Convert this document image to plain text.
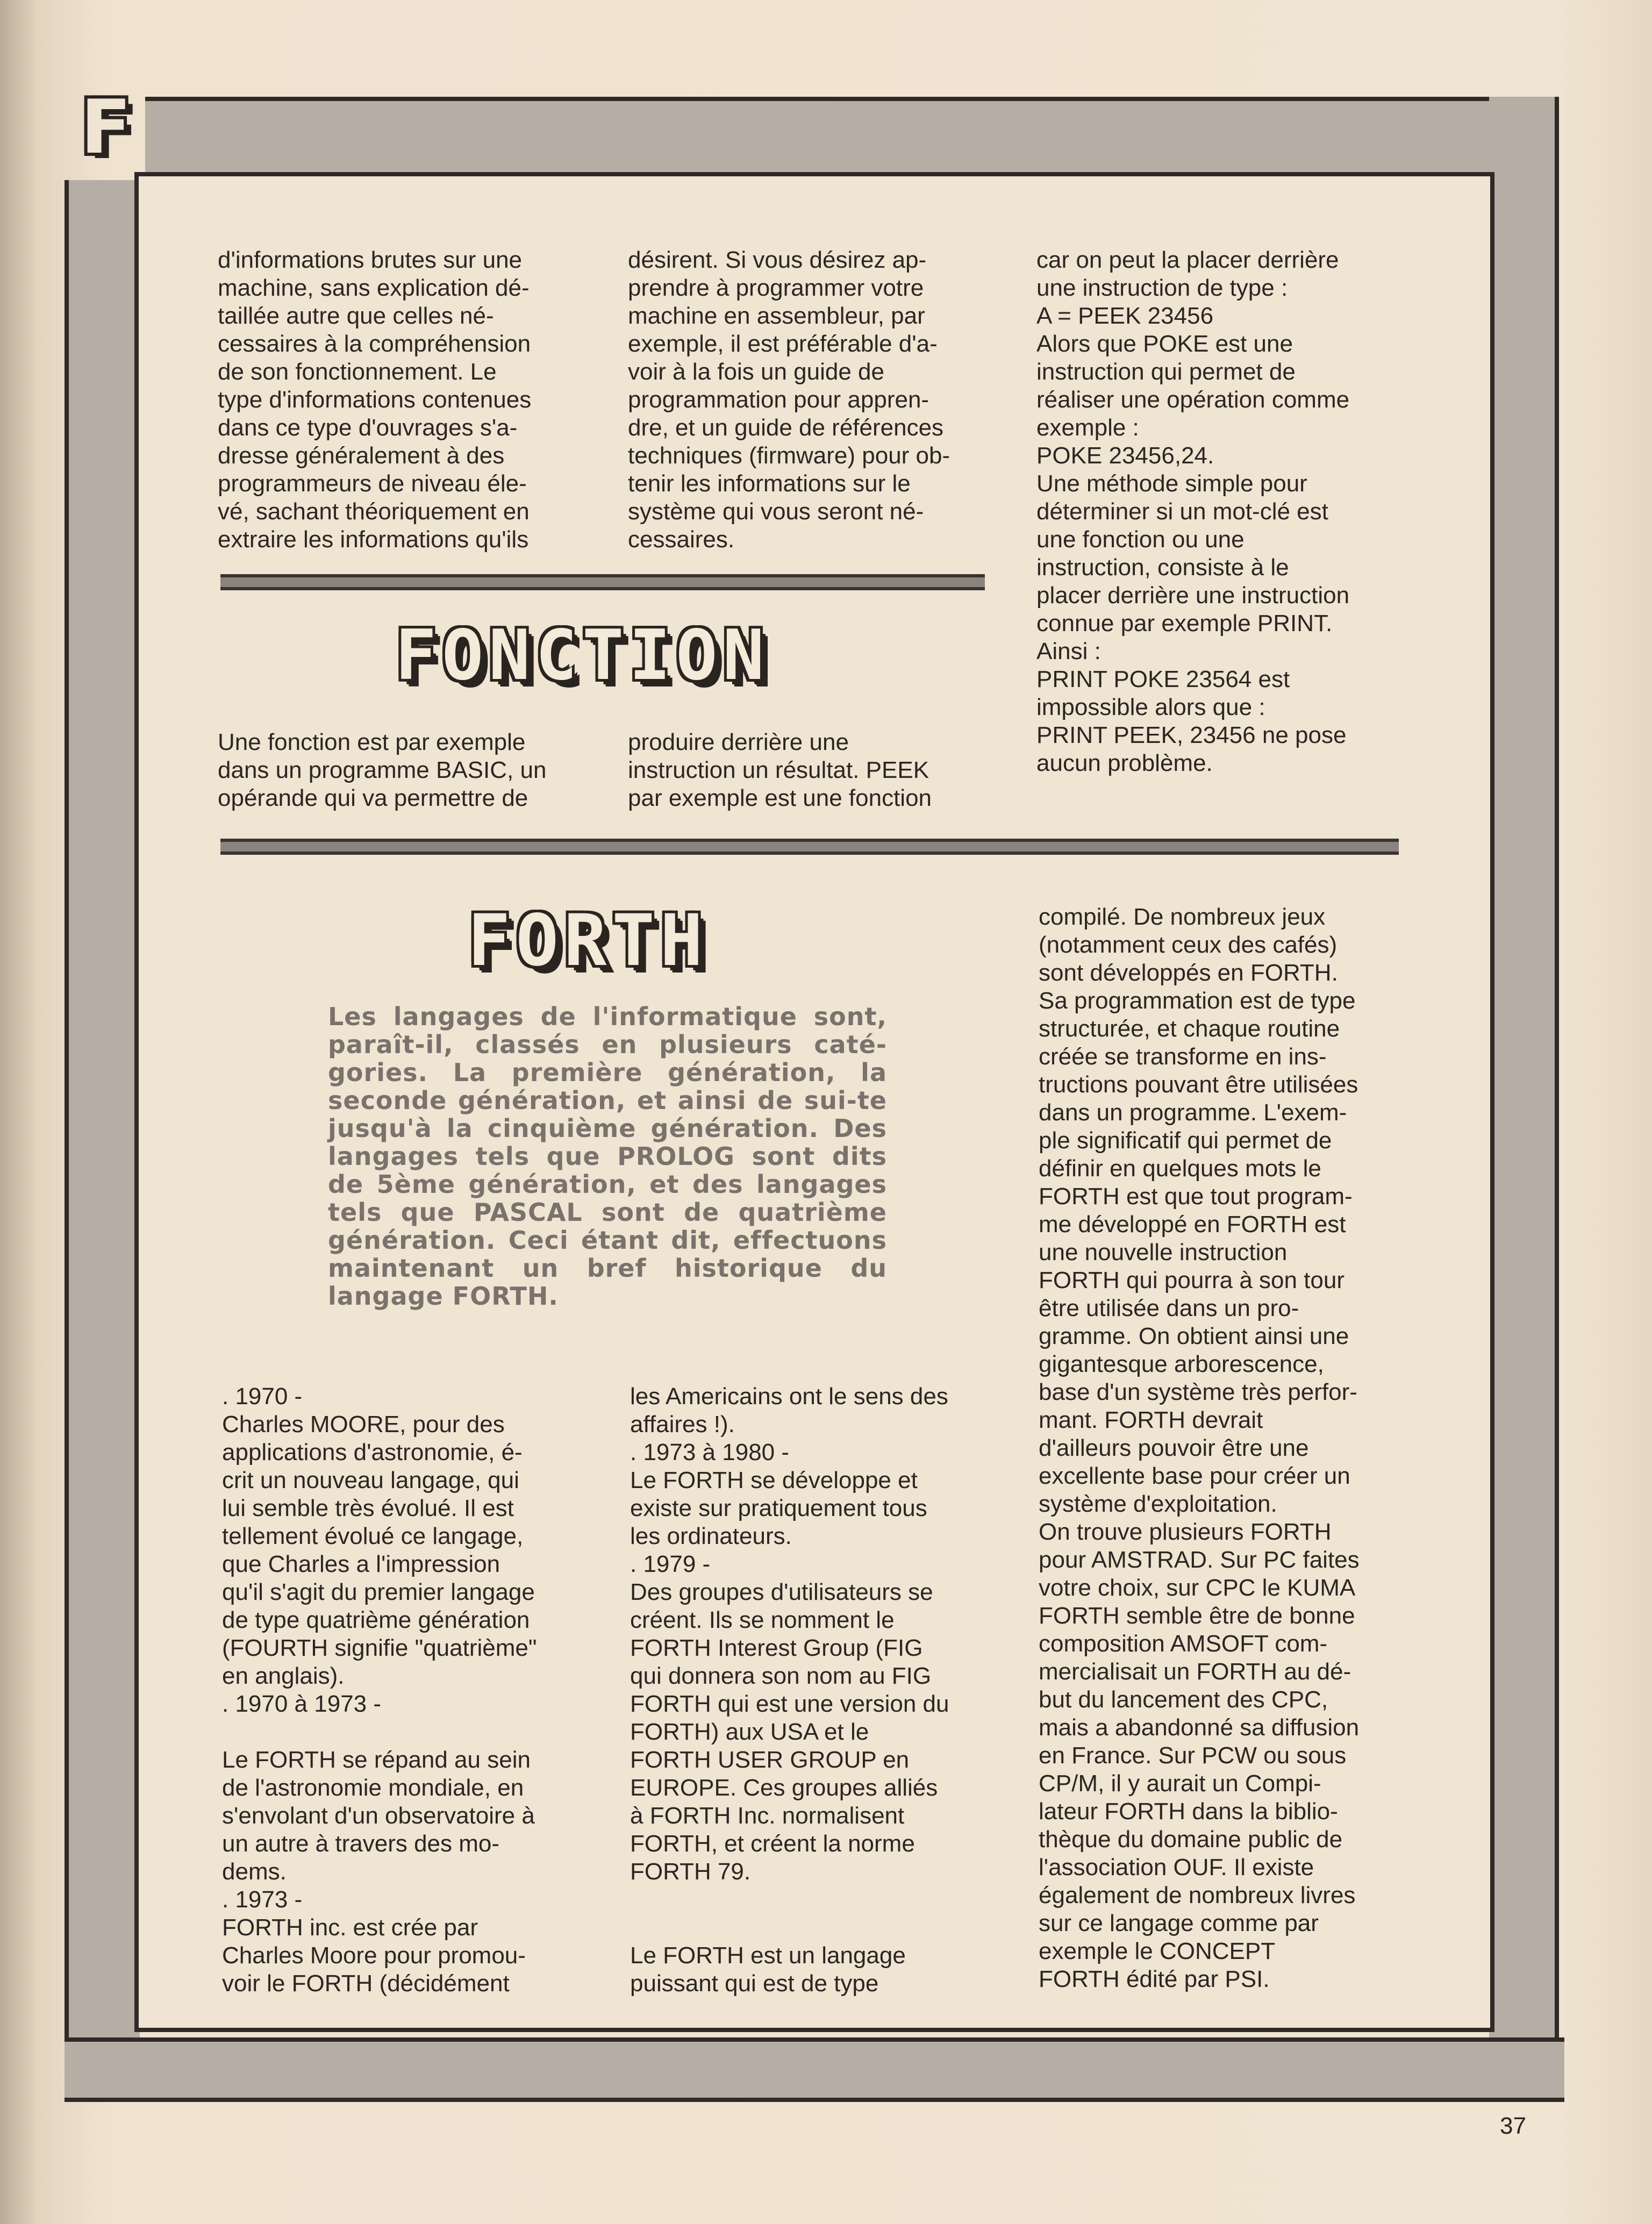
F
d'informations brutes sur une
machine, sans explication dé-
taillée autre que celles né-
cessaires à la compréhension
de son fonctionnement. Le
type d'informations contenues
dans ce type d'ouvrages s'a-
dresse généralement à des
programmeurs de niveau éle-
vé, sachant théoriquement en
extraire les informations qu'ils
désirent. Si vous désirez ap-
prendre à programmer votre
machine en assembleur, par
exemple, il est préférable d'a-
voir à la fois un guide de
programmation pour appren-
dre, et un guide de références
techniques (firmware) pour ob-
tenir les informations sur le
système qui vous seront né-
cessaires.
car on peut la placer derrière
une instruction de type :
A = PEEK 23456
Alors que POKE est une
instruction qui permet de
réaliser une opération comme
exemple :
POKE 23456,24.
Une méthode simple pour
déterminer si un mot-clé est
une fonction ou une
instruction, consiste à le
placer derrière une instruction
connue par exemple PRINT.
Ainsi :
PRINT POKE 23564 est
impossible alors que :
PRINT PEEK, 23456 ne pose
aucun problème.
FONCTION
Une fonction est par exemple
dans un programme BASIC, un
opérande qui va permettre de
produire derrière une
instruction un résultat. PEEK
par exemple est une fonction
FORTH
Les langages de l'informatique sont, paraît-il, classés en plusieurs caté-gories. La première génération, la seconde génération, et ainsi de sui-te jusqu'à la cinquième génération. Des langages tels que PROLOG sont dits de 5ème génération, et des langages tels que PASCAL sont de quatrième génération. Ceci étant dit, effectuons maintenant un bref historique du langage FORTH.
. 1970 -
Charles MOORE, pour des
applications d'astronomie, é-
crit un nouveau langage, qui
lui semble très évolué. Il est
tellement évolué ce langage,
que Charles a l'impression
qu'il s'agit du premier langage
de type quatrième génération
(FOURTH signifie "quatrième"
en anglais).
. 1970 à 1973 -

Le FORTH se répand au sein
de l'astronomie mondiale, en
s'envolant d'un observatoire à
un autre à travers des mo-
dems.
. 1973 -
FORTH inc. est crée par
Charles Moore pour promou-
voir le FORTH (décidément
les Americains ont le sens des
affaires !).
. 1973 à 1980 -
Le FORTH se développe et
existe sur pratiquement tous
les ordinateurs.
. 1979 -
Des groupes d'utilisateurs se
créent. Ils se nomment le
FORTH Interest Group (FIG
qui donnera son nom au FIG
FORTH qui est une version du
FORTH) aux USA et le
FORTH USER GROUP en
EUROPE. Ces groupes alliés
à FORTH Inc. normalisent
FORTH, et créent la norme
FORTH 79.

Le FORTH est un langage
puissant qui est de type
compilé. De nombreux jeux
(notamment ceux des cafés)
sont développés en FORTH.
Sa programmation est de type
structurée, et chaque routine
créée se transforme en ins-
tructions pouvant être utilisées
dans un programme. L'exem-
ple significatif qui permet de
définir en quelques mots le
FORTH est que tout program-
me développé en FORTH est
une nouvelle instruction
FORTH qui pourra à son tour
être utilisée dans un pro-
gramme. On obtient ainsi une
gigantesque arborescence,
base d'un système très perfor-
mant. FORTH devrait
d'ailleurs pouvoir être une
excellente base pour créer un
système d'exploitation.
On trouve plusieurs FORTH
pour AMSTRAD. Sur PC faites
votre choix, sur CPC le KUMA
FORTH semble être de bonne
composition AMSOFT com-
mercialisait un FORTH au dé-
but du lancement des CPC,
mais a abandonné sa diffusion
en France. Sur PCW ou sous
CP/M, il y aurait un Compi-
lateur FORTH dans la biblio-
thèque du domaine public de
l'association OUF. Il existe
également de nombreux livres
sur ce langage comme par
exemple le CONCEPT
FORTH édité par PSI.
37
